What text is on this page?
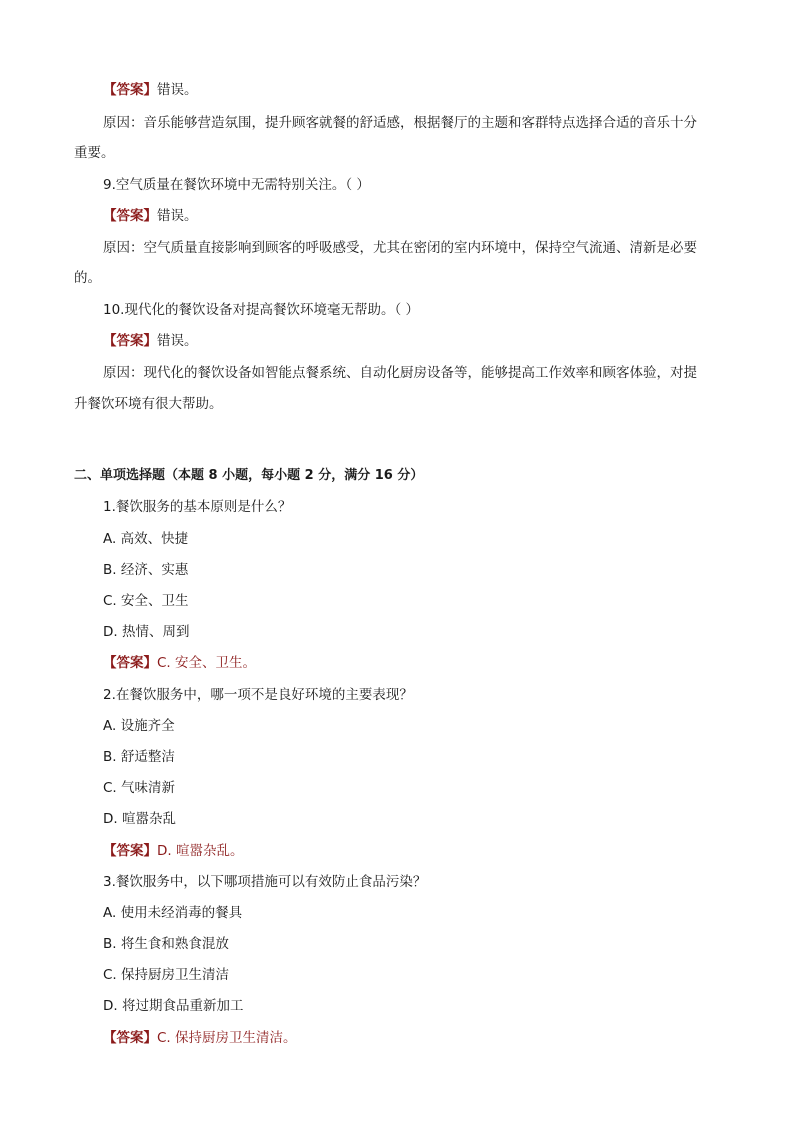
【答案】错误。
原因：音乐能够营造氛围，提升顾客就餐的舒适感，根据餐厅的主题和客群特点选择合适的音乐十分
重要。
9.空气质量在餐饮环境中无需特别关注。（ ）
【答案】错误。
原因：空气质量直接影响到顾客的呼吸感受，尤其在密闭的室内环境中，保持空气流通、清新是必要
的。
10.现代化的餐饮设备对提高餐饮环境毫无帮助。（ ）
【答案】错误。
原因：现代化的餐饮设备如智能点餐系统、自动化厨房设备等，能够提高工作效率和顾客体验，对提
升餐饮环境有很大帮助。
二、单项选择题（本题 8 小题，每小题 2 分，满分 16 分）
1.餐饮服务的基本原则是什么？
A. 高效、快捷
B. 经济、实惠
C. 安全、卫生
D. 热情、周到
【答案】C. 安全、卫生。
2.在餐饮服务中，哪一项不是良好环境的主要表现？
A. 设施齐全
B. 舒适整洁
C. 气味清新
D. 喧嚣杂乱
【答案】D. 喧嚣杂乱。
3.餐饮服务中，以下哪项措施可以有效防止食品污染？
A. 使用未经消毒的餐具
B. 将生食和熟食混放
C. 保持厨房卫生清洁
D. 将过期食品重新加工
【答案】C. 保持厨房卫生清洁。
